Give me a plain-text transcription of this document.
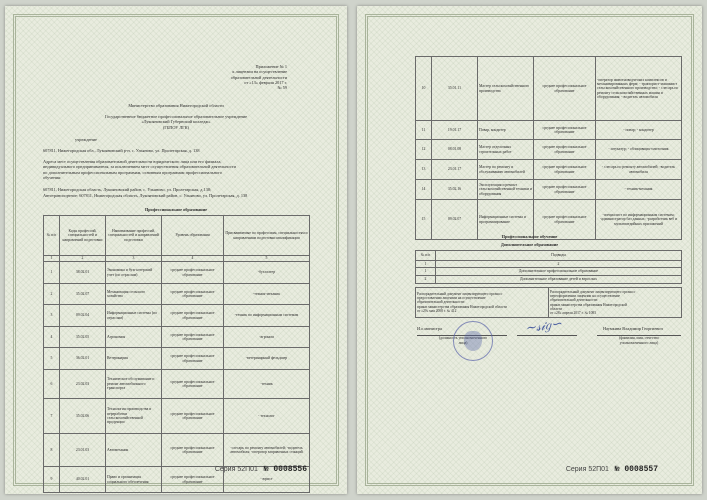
Приложение № 1
к лицензии на осуществление
образовательной деятельности
от «13» февраля 2017 г.
№ 59
Министерство образования Нижегородской области
Государственное бюджетное профессиональное образовательное учреждение
«Лукояновский Губернский колледж»
(ГБПОУ ЛГК)
учреждение
607811, Нижегородская обл., Лукояновский р-н, с. Ульяново, ул. Пролетарская, д. 138
Адреса мест осуществления образовательной деятельности юридического лица или его филиала,
индивидуального предпринимателя, за исключением мест осуществления образовательной деятельности
по дополнительным профессиональным программам, основным программам профессионального
обучения:
607811, Нижегородская область, Лукояновский район, с. Ульяново, ул. Пролетарская, д.138;
Автотранспортное: 607811, Нижегородская область, Лукояновский район, с. Ульяново, ул. Пролетарская, д. 138
Профессиональное образование
№ п/п	Коды профессий, специальностей и направлений подготовки	Наименование профессий, специальностей и направлений подготовки	Уровень образования	Присваиваемые по профессиям, специальностям и направлениям подготовки квалификации
1	2	3	4	5
1	38.02.01	Экономика и бухгалтерский учет (по отраслям)	среднее профессиональное образование	-бухгалтер
2	35.02.07	Механизация сельского хозяйства	среднее профессиональное образование	-техник-механик
3	09.02.04	Информационные системы (по отраслям)	среднее профессиональное образование	-техник по информационным системам
4	35.02.05	Агрономия	среднее профессиональное образование	-агроном
5	36.02.01	Ветеринария	среднее профессиональное образование	-ветеринарный фельдшер
6	23.02.03	Техническое обслуживание и ремонт автомобильного транспорта	среднее профессиональное образование	-техник
7	35.02.06	Технология производства и переработки сельскохозяйственной продукции	среднее профессиональное образование	- технолог
8	23.01.03	Автомеханик	среднее профессиональное образование	-слесарь по ремонту автомобилей; -водитель автомобиля; -оператор заправочных станций
9	40.02.01	Право и организация социального обеспечения	среднее профессиональное образование	- юрист
Серия 52П01 № 0008556
10	35.01.11	Мастер сельскохозяйственного производства	среднее профессиональное образование	-оператор животноводческих комплексов и механизированных ферм; - тракторист-машинист сельскохозяйственного производства; - слесарь по ремонту сельскохозяйственных машин и оборудования; - водитель автомобиля
11	19.01.17	Повар, кондитер	среднее профессиональное образование	- повар; - кондитер
12	08.01.08	Мастер отделочных строительных работ	среднее профессиональное образование	- штукатур; - облицовщик-плиточник
13	23.01.17	Мастер по ремонту и обслуживанию автомобилей	среднее профессиональное образование	- слесарь по ремонту автомобилей; -водитель автомобиля
14	35.02.16	Эксплуатация и ремонт сельскохозяйственной техники и оборудования	среднее профессиональное образование	- техник-механик
15	09.02.07	Информационные системы и программирование	среднее профессиональное образование	-специалист по информационным системам; -администратор баз данных; -разработчик веб и мультимедийных приложений
Профессиональное обучение
Дополнительное образование
№ п/п	Подвиды
1	2
1	Дополнительное профессиональное образование
2	Дополнительное образование детей и взрослых
Распорядительный документ лицензирующего органа о
предоставлении лицензии на осуществление
образовательной деятельности:
приказ министерства образования Нижегородской области
от «29» мая 2008 г. № 412

Распорядительный документ лицензирующего органа о
переоформлении лицензии на осуществление
образовательной деятельности:
приказ министерства образования Нижегородской
области
от «28» апреля 2017 г. № 1083
И.о.министра
(должность уполномоченного
лица)
∼𝓈𝒾𝑔∽	Наумкина Владимир Георгиевич
(фамилия, имя, отчество
уполномоченного лица)
Серия 52П01 № 0008557
